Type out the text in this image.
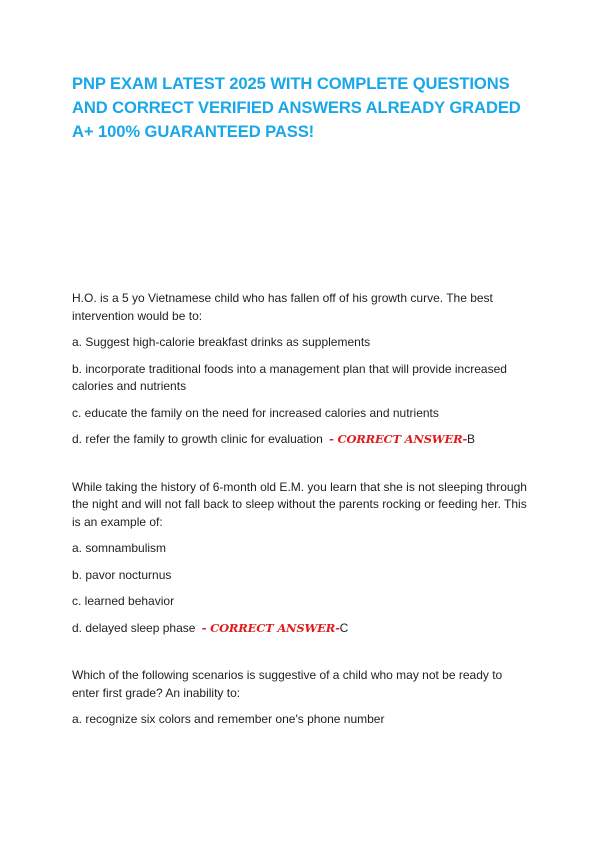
PNP EXAM LATEST 2025 WITH COMPLETE QUESTIONS AND CORRECT VERIFIED ANSWERS ALREADY GRADED A+ 100% GUARANTEED PASS!

H.O. is a 5 yo Vietnamese child who has fallen off of his growth curve. The best intervention would be to:

a. Suggest high-calorie breakfast drinks as supplements

b. incorporate traditional foods into a management plan that will provide increased calories and nutrients

c. educate the family on the need for increased calories and nutrients

d. refer the family to growth clinic for evaluation - CORRECT ANSWER-B

While taking the history of 6-month old E.M. you learn that she is not sleeping through the night and will not fall back to sleep without the parents rocking or feeding her. This is an example of:

a. somnambulism

b. pavor nocturnus

c. learned behavior

d. delayed sleep phase - CORRECT ANSWER-C

Which of the following scenarios is suggestive of a child who may not be ready to enter first grade? An inability to:

a. recognize six colors and remember one's phone number
